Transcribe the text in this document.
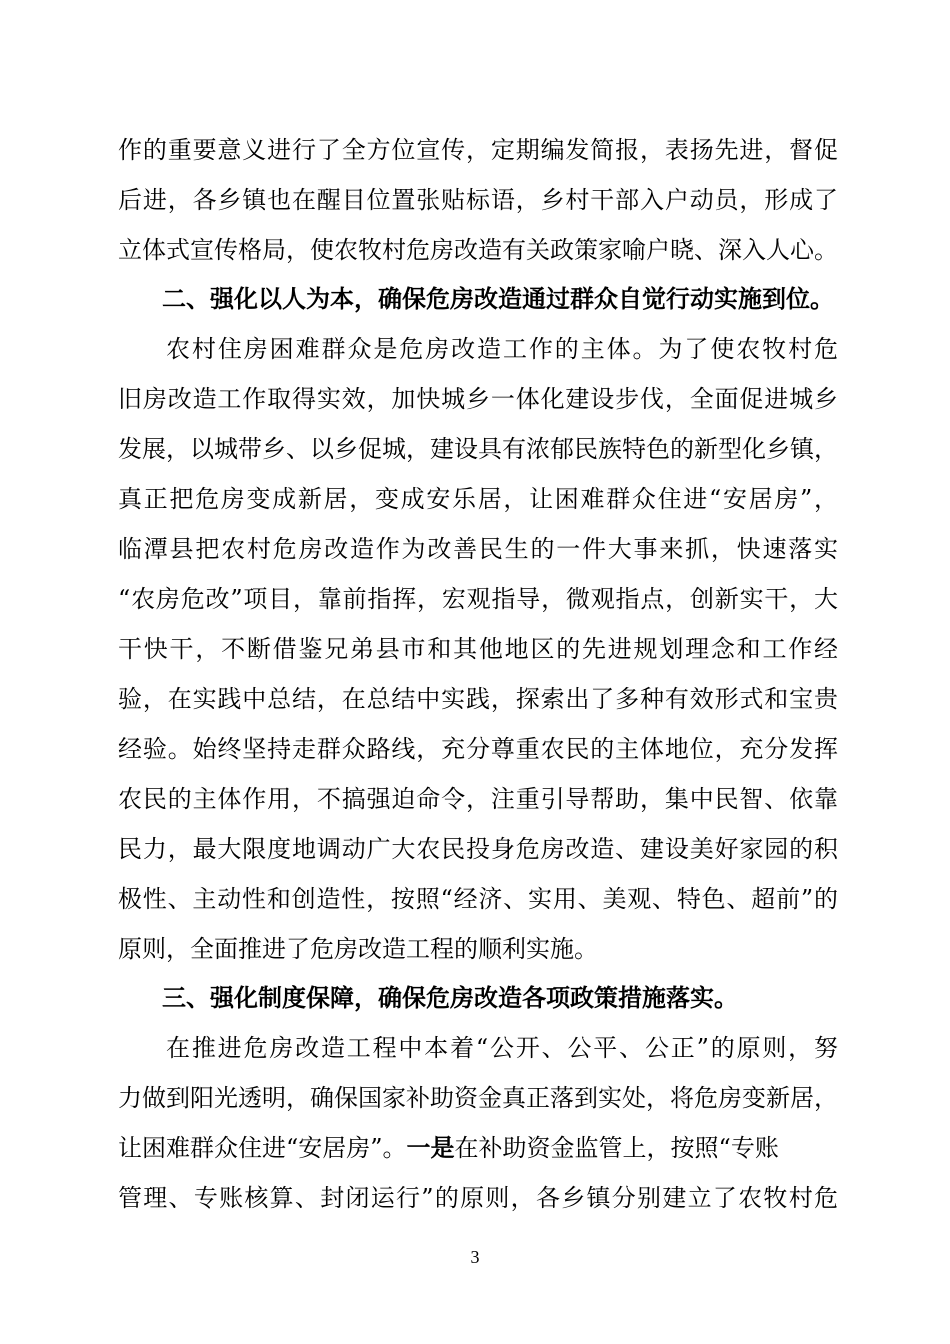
作的重要意义进行了全方位宣传，定期编发简报，表扬先进，督促
后进，各乡镇也在醒目位置张贴标语，乡村干部入户动员，形成了
立体式宣传格局，使农牧村危房改造有关政策家喻户晓、深入人心。
二、强化以人为本，确保危房改造通过群众自觉行动实施到位。
农村住房困难群众是危房改造工作的主体。为了使农牧村危
旧房改造工作取得实效，加快城乡一体化建设步伐，全面促进城乡
发展，以城带乡、以乡促城，建设具有浓郁民族特色的新型化乡镇，
真正把危房变成新居，变成安乐居，让困难群众住进“安居房”，
临潭县把农村危房改造作为改善民生的一件大事来抓，快速落实
“农房危改”项目，靠前指挥，宏观指导，微观指点，创新实干，大
干快干，不断借鉴兄弟县市和其他地区的先进规划理念和工作经
验，在实践中总结，在总结中实践，探索出了多种有效形式和宝贵
经验。始终坚持走群众路线，充分尊重农民的主体地位，充分发挥
农民的主体作用，不搞强迫命令，注重引导帮助，集中民智、依靠
民力，最大限度地调动广大农民投身危房改造、建设美好家园的积
极性、主动性和创造性，按照“经济、实用、美观、特色、超前”的
原则，全面推进了危房改造工程的顺利实施。
三、强化制度保障，确保危房改造各项政策措施落实。
在推进危房改造工程中本着“公开、公平、公正”的原则，努
力做到阳光透明，确保国家补助资金真正落到实处，将危房变新居，
让困难群众住进“安居房”。一是在补助资金监管上，按照“专账
管理、专账核算、封闭运行”的原则，各乡镇分别建立了农牧村危
3
